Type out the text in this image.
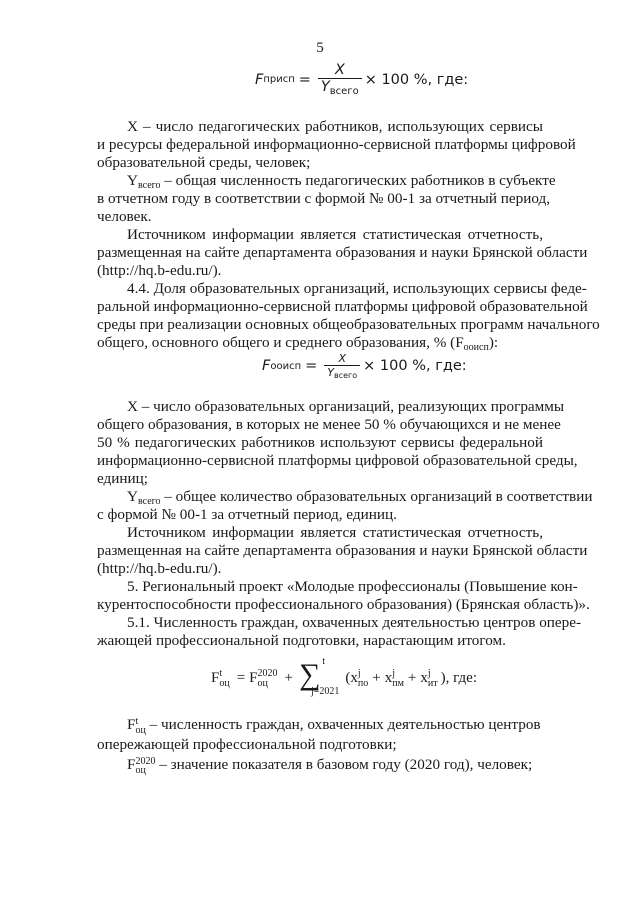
5
F присп = $\frac{X}{Y_{всего}} \times 100$ %, где:
X – число педагогических работников, использующих сервисы
и ресурсы федеральной информационно-сервисной платформы цифровой
образовательной среды, человек;
$Y_{всего}$ – общая численность педагогических работников в субъекте
в отчетном году в соответствии с формой № 00-1 за отчетный период,
человек.
Источником информации является статистическая отчетность,
размещенная на сайте департамента образования и науки Брянской области
(http://hq.b-edu.ru/).
4.4. Доля образовательных организаций, использующих сервисы феде-
ральной информационно-сервисной платформы цифровой образовательной
среды при реализации основных общеобразовательных программ начального
общего, основного общего и среднего образования, % $(F_{ооисп})$:
F ооисп = $\frac{X}{\text{Yвсего}} \times 100$ %, где:
X – число образовательных организаций, реализующих программы
общего образования, в которых не менее 50 % обучающихся и не менее
50 % педагогических работников используют сервисы федеральной
информационно-сервисной платформы цифровой образовательной среды,
единиц;
$Y_{всего}$ – общее количество образовательных организаций в соответствии
с формой № 00-1 за отчетный период, единиц.
Источником информации является статистическая отчетность,
размещенная на сайте департамента образования и науки Брянской области
(http://hq.b-edu.ru/).
5. Региональный проект «Молодые профессионалы (Повышение кон-
курентоспособности профессионального образования) (Брянская область)».
5.1. Численность граждан, охваченных деятельностью центров опере-
жающей профессиональной подготовки, нарастающим итогом.
F t
оц = F 2020
оц	+ ∑ t
j=2021
(x j
по + x j
пм + x j
ит ), где:
F t
оц – численность граждан, охваченных деятельностью центров
опережающей профессиональной подготовки;
F 2020
оц – значение показателя в базовом году (2020 год), человек;
